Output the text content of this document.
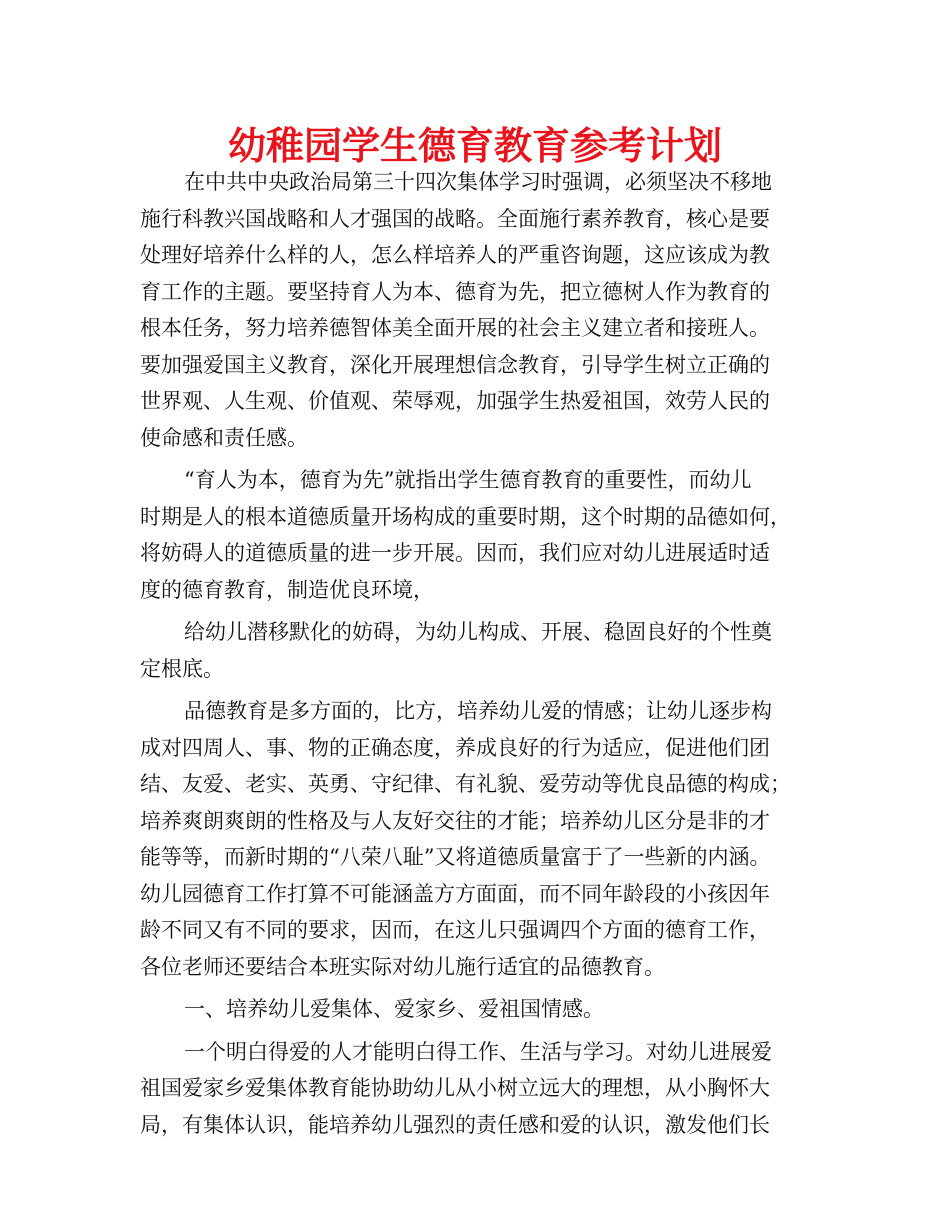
幼稚园学生德育教育参考计划
在中共中央政治局第三十四次集体学习时强调，必须坚决不移地
施行科教兴国战略和人才强国的战略。全面施行素养教育，核心是要
处理好培养什么样的人，怎么样培养人的严重咨询题，这应该成为教
育工作的主题。要坚持育人为本、德育为先，把立德树人作为教育的
根本任务，努力培养德智体美全面开展的社会主义建立者和接班人。
要加强爱国主义教育，深化开展理想信念教育，引导学生树立正确的
世界观、人生观、价值观、荣辱观，加强学生热爱祖国，效劳人民的
使命感和责任感。
“育人为本，德育为先”就指出学生德育教育的重要性，而幼儿
时期是人的根本道德质量开场构成的重要时期，这个时期的品德如何，
将妨碍人的道德质量的进一步开展。因而，我们应对幼儿进展适时适
度的德育教育，制造优良环境，
给幼儿潜移默化的妨碍，为幼儿构成、开展、稳固良好的个性奠
定根底。
品德教育是多方面的，比方，培养幼儿爱的情感；让幼儿逐步构
成对四周人、事、物的正确态度，养成良好的行为适应，促进他们团
结、友爱、老实、英勇、守纪律、有礼貌、爱劳动等优良品德的构成；
培养爽朗爽朗的性格及与人友好交往的才能；培养幼儿区分是非的才
能等等，而新时期的“八荣八耻”又将道德质量富于了一些新的内涵。
幼儿园德育工作打算不可能涵盖方方面面，而不同年龄段的小孩因年
龄不同又有不同的要求，因而，在这儿只强调四个方面的德育工作，
各位老师还要结合本班实际对幼儿施行适宜的品德教育。
一、培养幼儿爱集体、爱家乡、爱祖国情感。
一个明白得爱的人才能明白得工作、生活与学习。对幼儿进展爱
祖国爱家乡爱集体教育能协助幼儿从小树立远大的理想，从小胸怀大
局，有集体认识，能培养幼儿强烈的责任感和爱的认识，激发他们长
